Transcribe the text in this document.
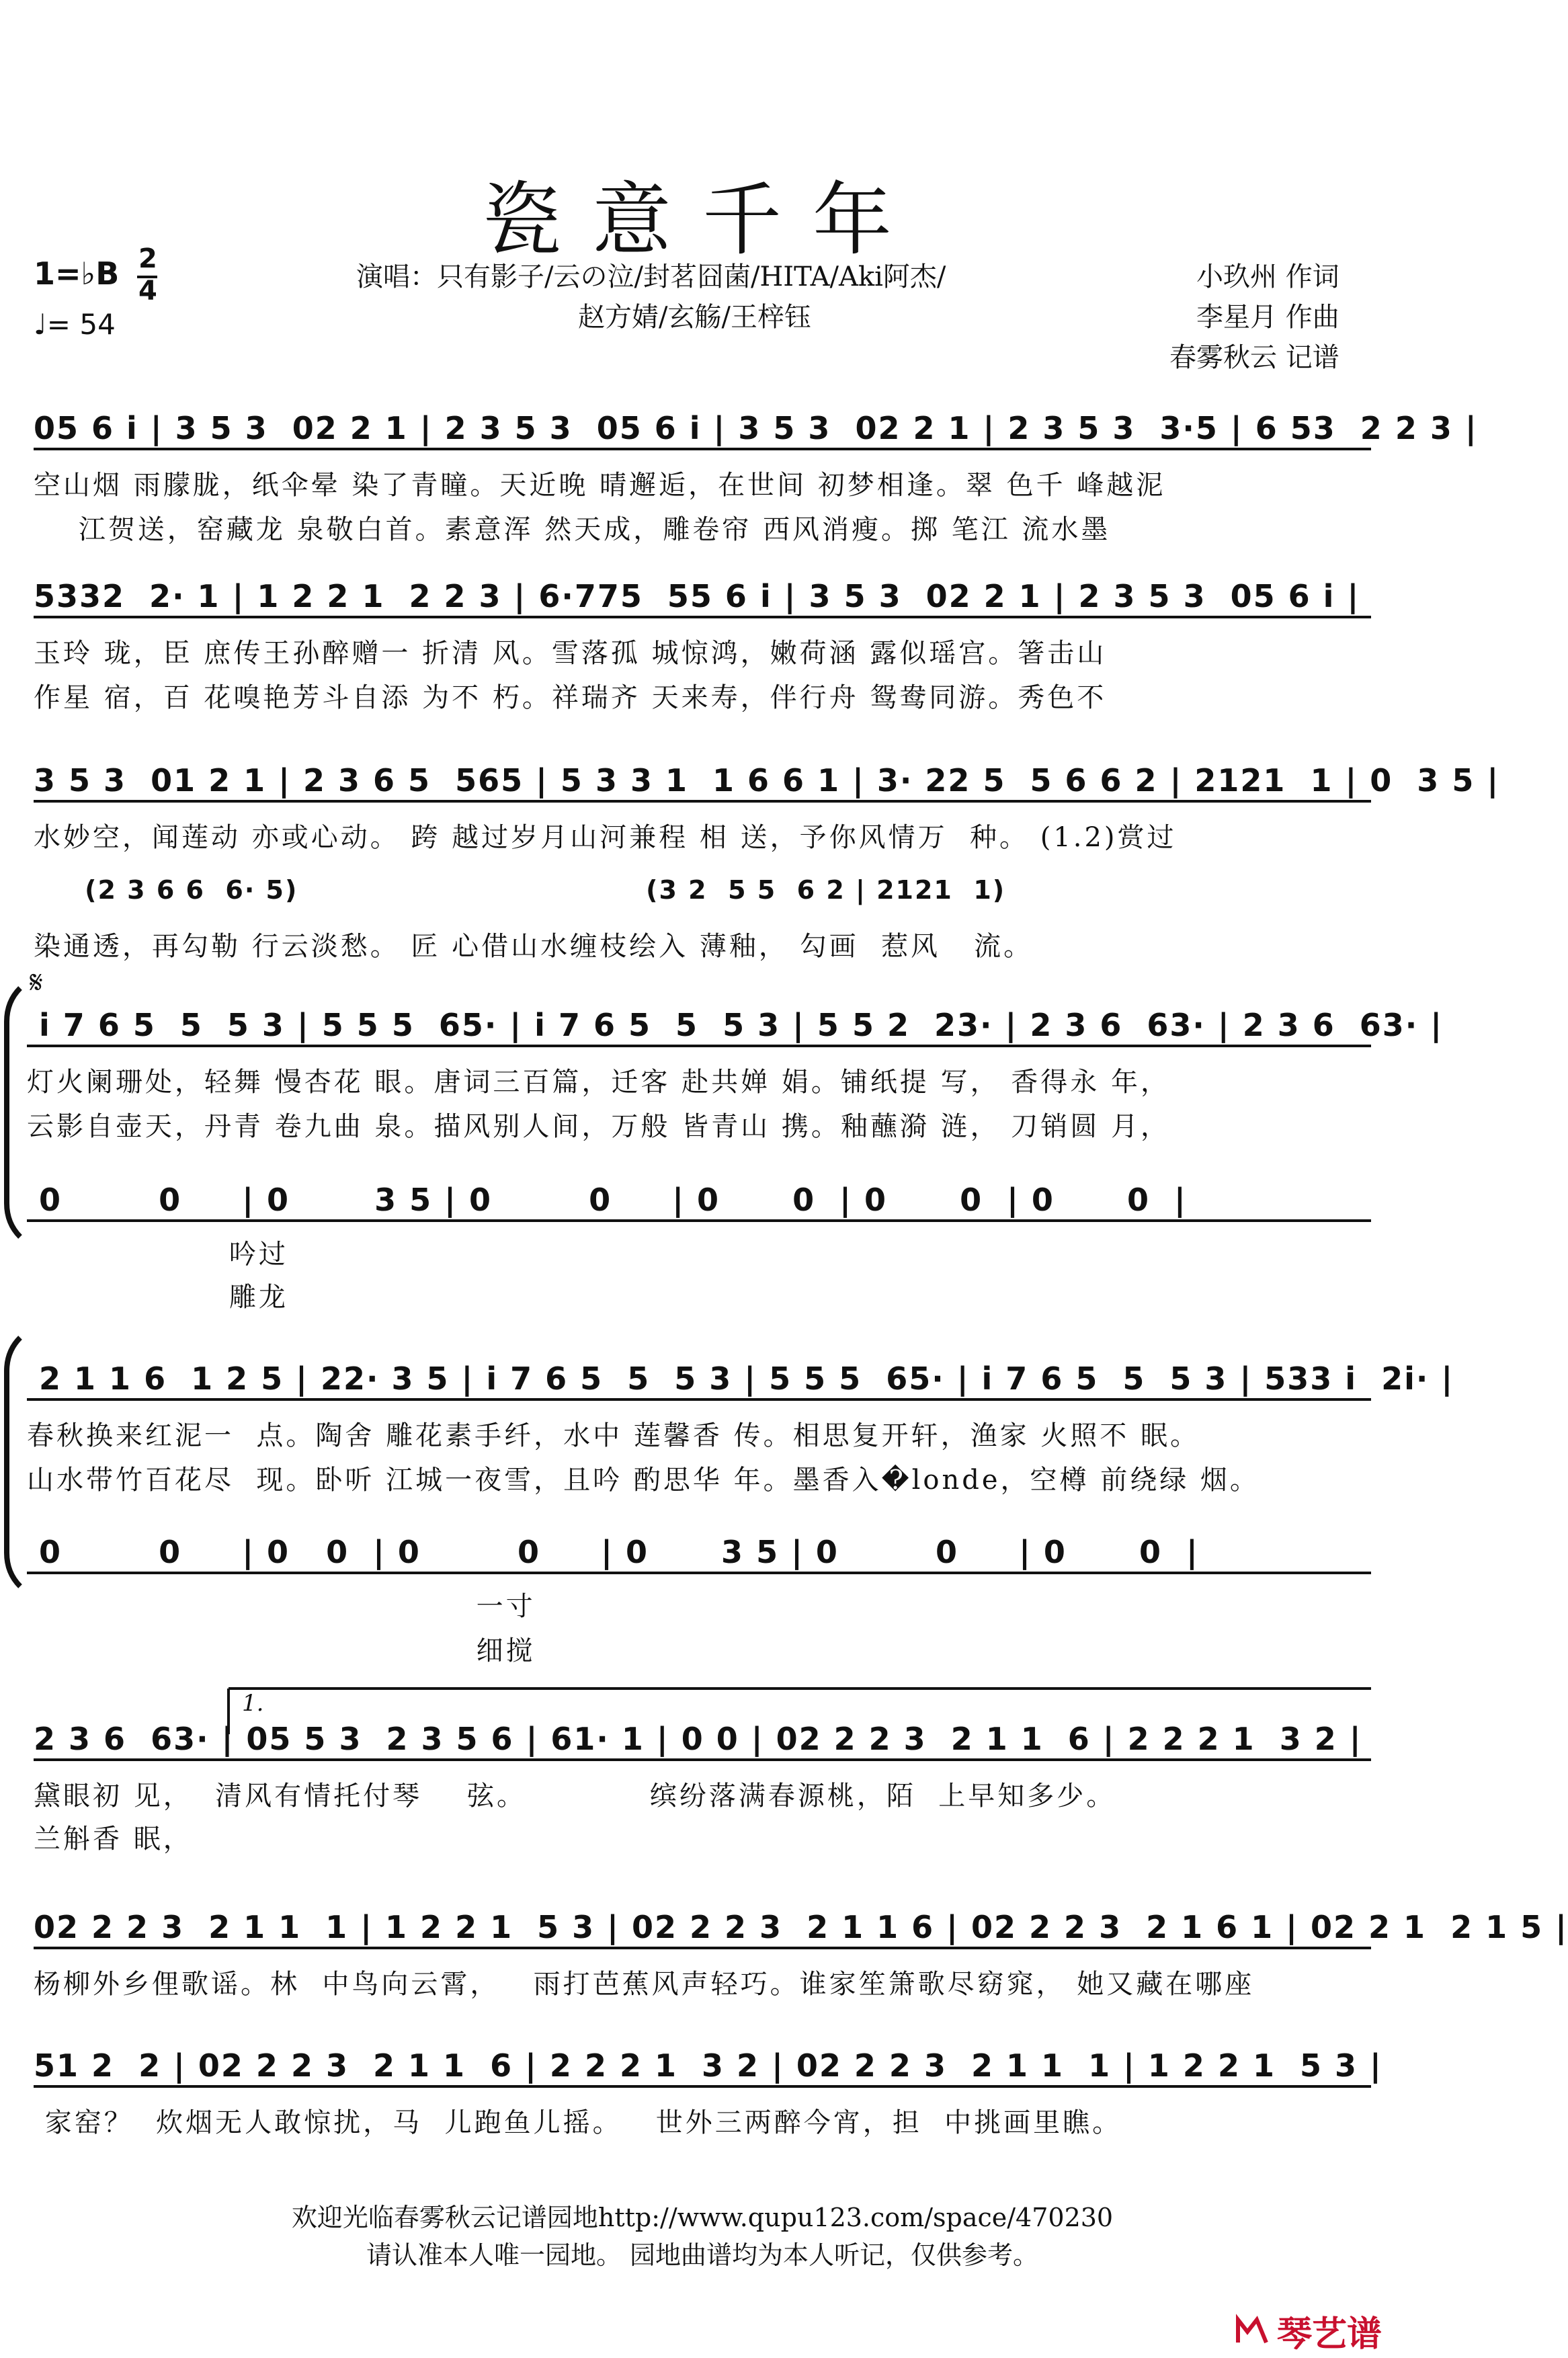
瓷意千年
1=♭B 2
4
♩= 54
演唱：只有影子/云の泣/封茗囧菌/HITA/Aki阿杰/
赵方婧/玄觞/王梓钰
小玖州 作词
李星月 作曲
春雾秋云 记谱
𝄋
1.
05 6 i | 3 5 3  02 2 1 | 2 3 5 3  05 6 i | 3 5 3  02 2 1 | 2 3 5 3  3·5 | 6 53  2 2 3 |
空山烟 雨朦胧，纸伞晕 染了青瞳。天近晚 晴邂逅，在世间 初梦相逢。翠 色千 峰越泥
江贺送，窑藏龙 泉敬白首。素意浑 然天成，雕卷帘 西风消瘦。掷 笔江 流水墨
5332  2· 1 | 1 2 2 1  2 2 3 | 6·775  55 6 i | 3 5 3  02 2 1 | 2 3 5 3  05 6 i |
玉玲 珑，臣 庶传王孙醉赠一 折清 风。雪落孤 城惊鸿，嫩荷涵 露似瑶宫。箸击山
作星 宿，百 花嗅艳芳斗自添 为不 朽。祥瑞齐 天来寿，伴行舟 鸳鸯同游。秀色不
3 5 3  01 2 1 | 2 3 6 5  565 | 5 3 3 1  1 6 6 1 | 3· 22 5  5 6 6 2 | 2121  1 | 0  3 5 |
水妙空，闻莲动 亦或心动。 跨 越过岁月山河兼程 相 送，予你风情万  种。 (1.2)赏过
(2 3 6 6  6· 5)                                  (3 2  5 5  6 2 | 2121  1)
染通透，再勾勒 行云淡愁。 匠 心借山水缠枝绘入 薄釉， 勾画  惹风   流。
i 7 6 5  5  5 3 | 5 5 5  65· | i 7 6 5  5  5 3 | 5 5 2  23· | 2 3 6  63· | 2 3 6  63· |
灯火阑珊处，轻舞 慢杏花 眼。唐词三百篇，迁客 赴共婵 娟。铺纸提 写， 香得永 年，
云影自壶天，丹青 卷九曲 泉。描风别人间，万般 皆青山 携。釉蘸漪 涟， 刀销圆 月，
0        0     | 0       3 5 | 0        0     | 0      0  | 0      0  | 0      0  |
吟过
雕龙
2 1 1 6  1 2 5 | 22· 3 5 | i 7 6 5  5  5 3 | 5 5 5  65· | i 7 6 5  5  5 3 | 533 i  2i· |
春秋换来红泥一  点。陶舍 雕花素手纤，水中 莲馨香 传。相思复开轩，渔家 火照不 眠。
山水带竹百花尽  现。卧听 江城一夜雪，且吟 酌思华 年。墨香入�londe，空樽 前绕绿 烟。
0        0     | 0   0  | 0        0     | 0      3 5 | 0        0     | 0      0  |
一寸
细搅
2 3 6  63· | 05 5 3  2 3 5 6 | 61· 1 | 0 0 | 02 2 2 3  2 1 1  6 | 2 2 2 1  3 2 |
黛眼初 见，  清风有情托付琴    弦。           缤纷落满春源桃，陌  上早知多少。
兰斛香 眠，
02 2 2 3  2 1 1  1 | 1 2 2 1  5 3 | 02 2 2 3  2 1 1 6 | 02 2 2 3  2 1 6 1 | 02 2 1  2 1 5 |
杨柳外乡俚歌谣。林  中鸟向云霄，   雨打芭蕉风声轻巧。谁家笙箫歌尽窈窕， 她又藏在哪座
51 2  2 | 02 2 2 3  2 1 1  6 | 2 2 2 1  3 2 | 02 2 2 3  2 1 1  1 | 1 2 2 1  5 3 |
家窑？  炊烟无人敢惊扰，马  儿跑鱼儿摇。   世外三两醉今宵，担  中挑画里瞧。
欢迎光临春雾秋云记谱园地http://www.qupu123.com/space/470230
请认准本人唯一园地。 园地曲谱均为本人听记，仅供参考。
琴艺谱
